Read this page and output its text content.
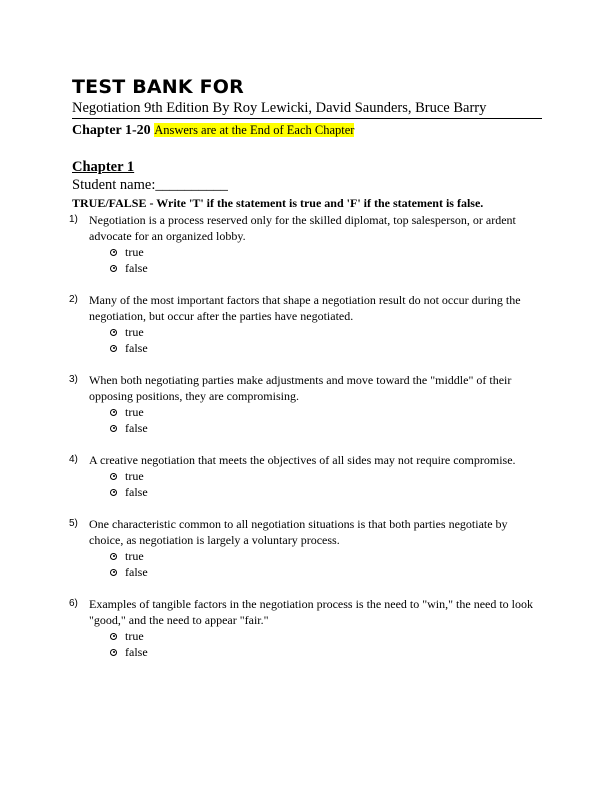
TEST BANK FOR
Negotiation 9th Edition By Roy Lewicki, David Saunders, Bruce Barry
Chapter 1-20 Answers are at the End of Each Chapter
Chapter 1
Student name:__________
TRUE/FALSE - Write 'T' if the statement is true and 'F' if the statement is false.
1) Negotiation is a process reserved only for the skilled diplomat, top salesperson, or ardent advocate for an organized lobby.
true
false
2) Many of the most important factors that shape a negotiation result do not occur during the negotiation, but occur after the parties have negotiated.
true
false
3) When both negotiating parties make adjustments and move toward the "middle" of their opposing positions, they are compromising.
true
false
4) A creative negotiation that meets the objectives of all sides may not require compromise.
true
false
5) One characteristic common to all negotiation situations is that both parties negotiate by choice, as negotiation is largely a voluntary process.
true
false
6) Examples of tangible factors in the negotiation process is the need to "win," the need to look "good," and the need to appear "fair."
true
false
